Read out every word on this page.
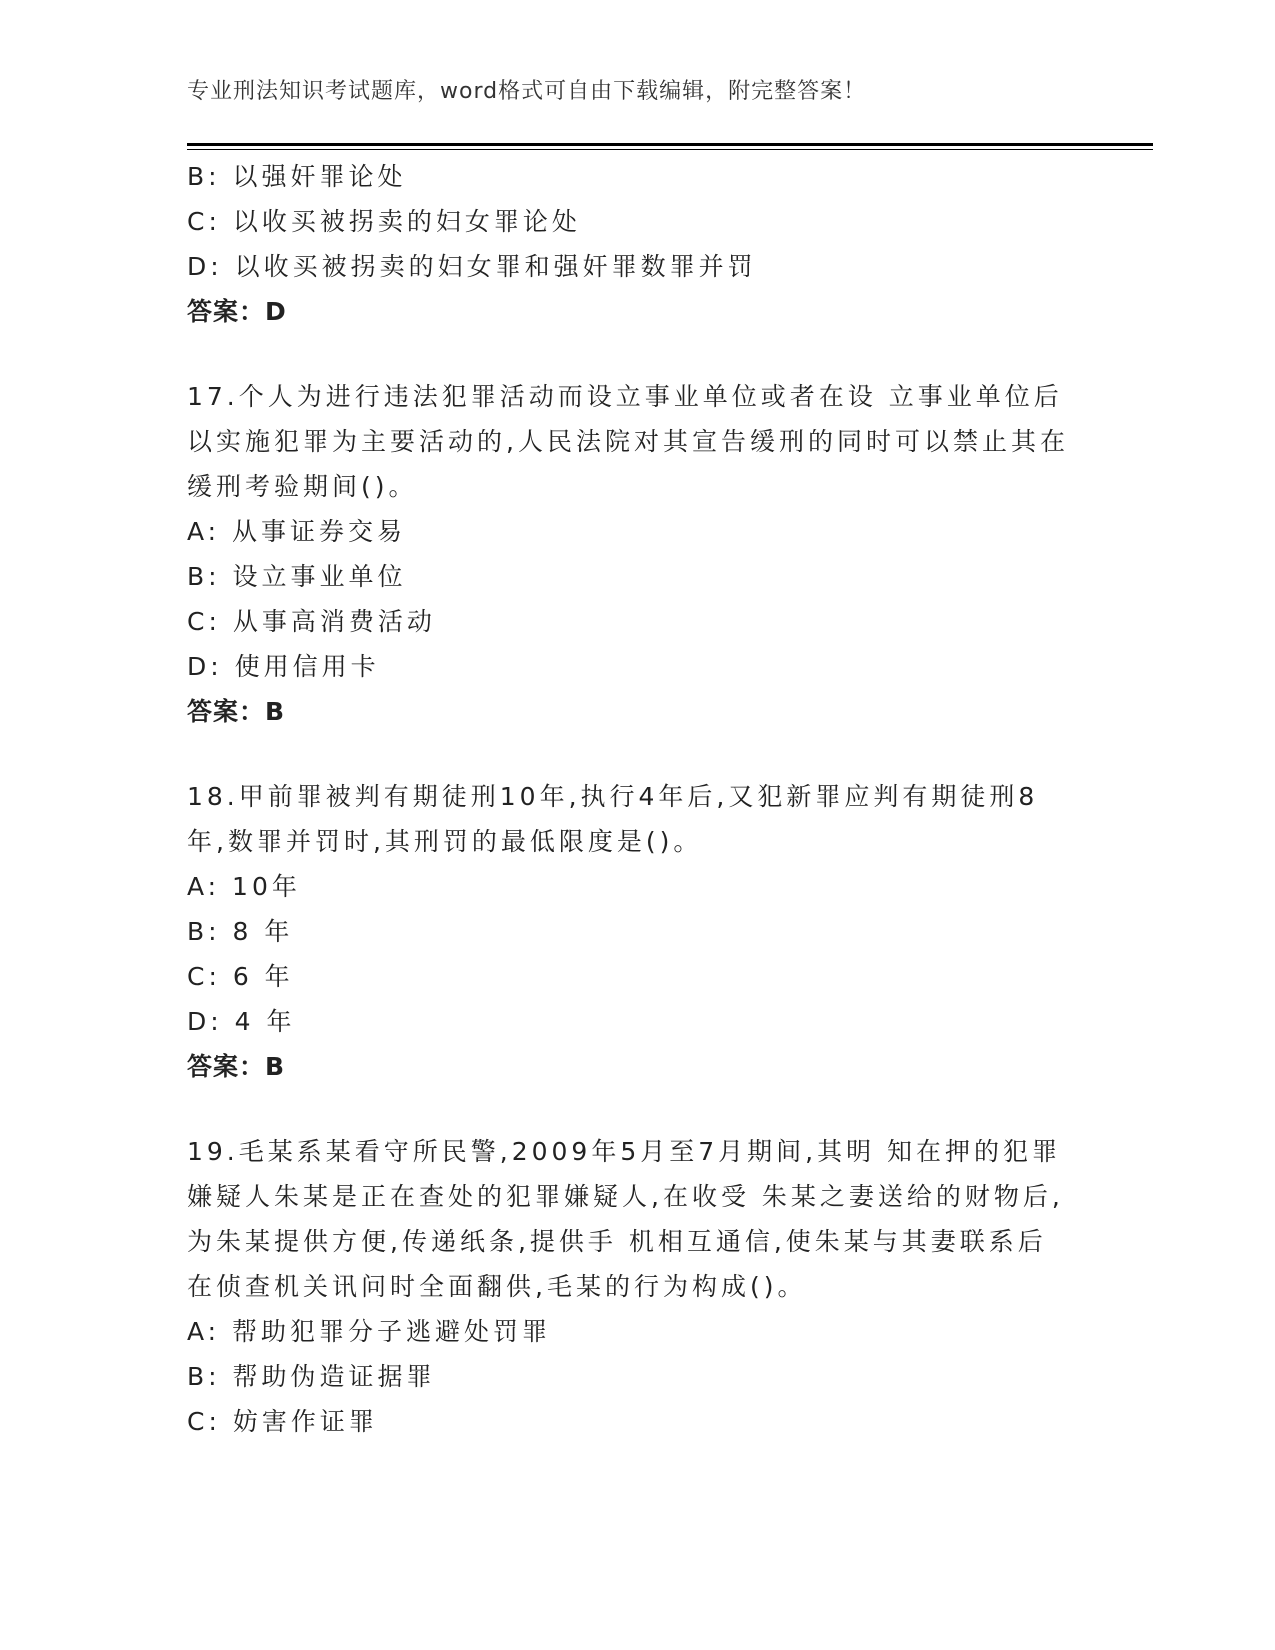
专业刑法知识考试题库，word格式可自由下载编辑，附完整答案！
B: 以强奸罪论处
C: 以收买被拐卖的妇女罪论处
D: 以收买被拐卖的妇女罪和强奸罪数罪并罚
答案：D
17.个人为进行违法犯罪活动而设立事业单位或者在设 立事业单位后
以实施犯罪为主要活动的,人民法院对其宣告缓刑的同时可以禁止其在
缓刑考验期间()。
A: 从事证券交易
B: 设立事业单位
C: 从事高消费活动
D: 使用信用卡
答案：B
18.甲前罪被判有期徒刑10年,执行4年后,又犯新罪应判有期徒刑8
年,数罪并罚时,其刑罚的最低限度是()。
A: 10年
B: 8 年
C: 6 年
D: 4 年
答案：B
19.毛某系某看守所民警,2009年5月至7月期间,其明 知在押的犯罪
嫌疑人朱某是正在查处的犯罪嫌疑人,在收受 朱某之妻送给的财物后,
为朱某提供方便,传递纸条,提供手 机相互通信,使朱某与其妻联系后
在侦查机关讯问时全面翻供,毛某的行为构成()。
A: 帮助犯罪分子逃避处罚罪
B: 帮助伪造证据罪
C: 妨害作证罪
